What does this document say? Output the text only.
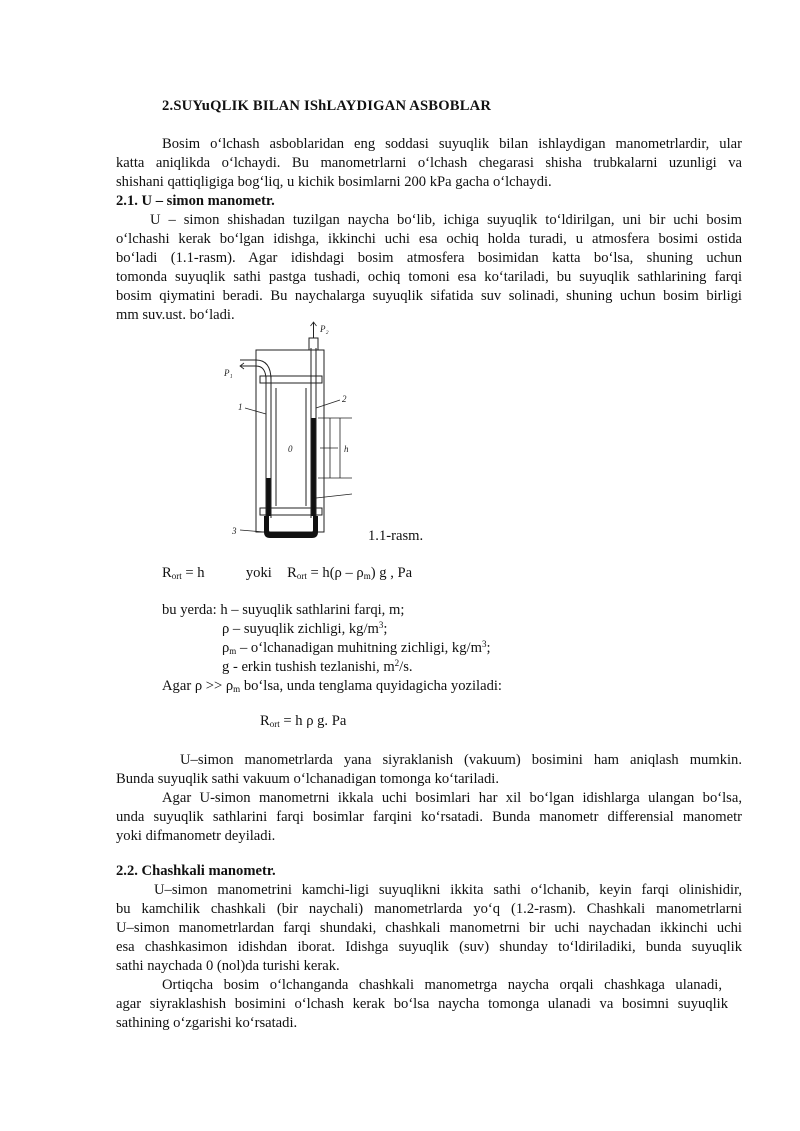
2.SUYuQLIK BILAN IShLAYDIGAN ASBOBLAR
Bosim o‘lchash asboblaridan eng soddasi suyuqlik bilan ishlaydigan manometrlardir, ular
katta aniqlikda o‘lchaydi. Bu manometrlarni o‘lchash chegarasi shisha trubkalarni uzunligi va
shishani qattiqligiga bog‘liq, u kichik bosimlarni 200 kPa gacha o‘lchaydi.
2.1. U – simon manometr.
U – simon shishadan tuzilgan naycha bo‘lib, ichiga suyuqlik to‘ldirilgan, uni bir uchi bosim
o‘lchashi kerak bo‘lgan idishga, ikkinchi uchi esa ochiq holda turadi, u atmosfera bosimi ostida
bo‘ladi (1.1-rasm). Agar idishdagi bosim atmosfera bosimidan katta bo‘lsa, shuning uchun
tomonda suyuqlik sathi pastga tushadi, ochiq tomoni esa ko‘tariladi, bu suyuqlik sathlarining farqi
bosim qiymatini beradi. Bu naychalarga suyuqlik sifatida suv solinadi, shuning uchun bosim birligi
mm suv.ust. bo‘ladi.
P₂
P₁
1
2
3
0	h
1.1-rasm.
$R_{ort} = h$	yoki $R_{ort} = h(\rho - \rho_m)$ g , Pa
bu yerda: h – suyuqlik sathlarini farqi, m;
ρ – suyuqlik zichligi, $kg/m^3$;
$\rho_m$ – o‘lchanadigan muhitning zichligi, $kg/m^3$;
g - erkin tushish tezlanishi, $m^2/s$.
Agar $\rho >> \rho_m$ bo‘lsa, unda tenglama quyidagicha yoziladi:
$R_{ort} = h$ ρ g. Pa
U–simon manometrlarda yana siyraklanish (vakuum) bosimini ham aniqlash mumkin.
Bunda suyuqlik sathi vakuum o‘lchanadigan tomonga ko‘tariladi.
Agar U-simon manometrni ikkala uchi bosimlari har xil bo‘lgan idishlarga ulangan bo‘lsa,
unda suyuqlik sathlarini farqi bosimlar farqini ko‘rsatadi. Bunda manometr differensial manometr
yoki difmanometr deyiladi.
2.2. Chashkali manometr.
U–simon manometrini kamchi-ligi suyuqlikni ikkita sathi o‘lchanib, keyin farqi olinishidir,
bu kamchilik chashkali (bir naychali) manometrlarda yo‘q (1.2-rasm). Chashkali manometrlarni
U–simon manometrlardan farqi shundaki, chashkali manometrni bir uchi naychadan ikkinchi uchi
esa chashkasimon idishdan iborat. Idishga suyuqlik (suv) shunday to‘ldiriladiki, bunda suyuqlik
sathi naychada 0 (nol)da turishi kerak.
Ortiqcha bosim o‘lchanganda chashkali manometrga naycha orqali chashkaga ulanadi,
agar siyraklashish bosimini o‘lchash kerak bo‘lsa naycha tomonga ulanadi va bosimni suyuqlik
sathining o‘zgarishi ko‘rsatadi.
